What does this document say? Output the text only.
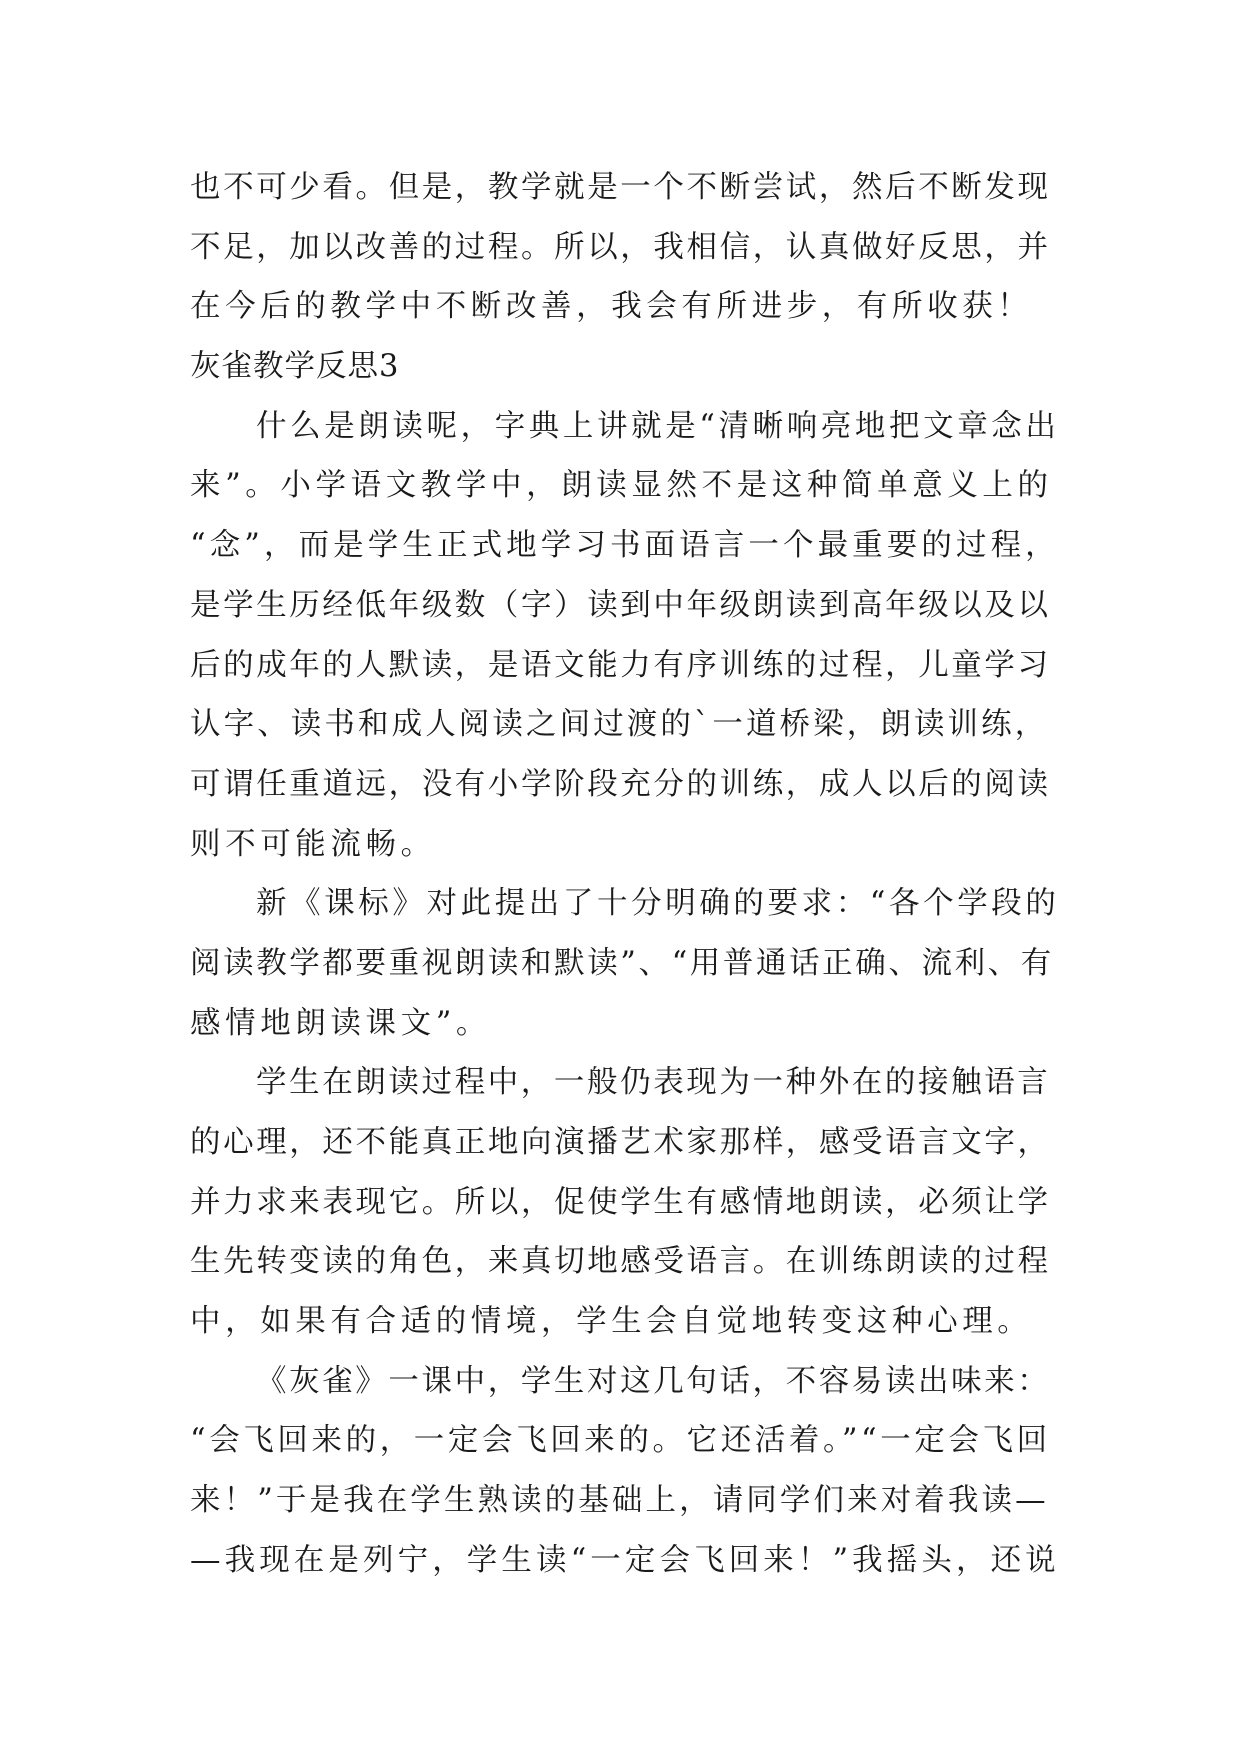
也不可少看。但是，教学就是一个不断尝试，然后不断发现
不足，加以改善的过程。所以，我相信，认真做好反思，并
在今后的教学中不断改善，我会有所进步，有所收获！
灰雀教学反思3
什么是朗读呢，字典上讲就是“清晰响亮地把文章念出
来”。小学语文教学中，朗读显然不是这种简单意义上的
“念”，而是学生正式地学习书面语言一个最重要的过程，
是学生历经低年级数（字）读到中年级朗读到高年级以及以
后的成年的人默读，是语文能力有序训练的过程，儿童学习
认字、读书和成人阅读之间过渡的`一道桥梁，朗读训练，
可谓任重道远，没有小学阶段充分的训练，成人以后的阅读
则不可能流畅。
新《课标》对此提出了十分明确的要求：“各个学段的
阅读教学都要重视朗读和默读”、“用普通话正确、流利、有
感情地朗读课文”。
学生在朗读过程中，一般仍表现为一种外在的接触语言
的心理，还不能真正地向演播艺术家那样，感受语言文字，
并力求来表现它。所以，促使学生有感情地朗读，必须让学
生先转变读的角色，来真切地感受语言。在训练朗读的过程
中，如果有合适的情境，学生会自觉地转变这种心理。
《灰雀》一课中，学生对这几句话，不容易读出味来：
“会飞回来的，一定会飞回来的。它还活着。”“一定会飞回
来！”于是我在学生熟读的基础上，请同学们来对着我读—
—我现在是列宁，学生读“一定会飞回来！”我摇头，还说
